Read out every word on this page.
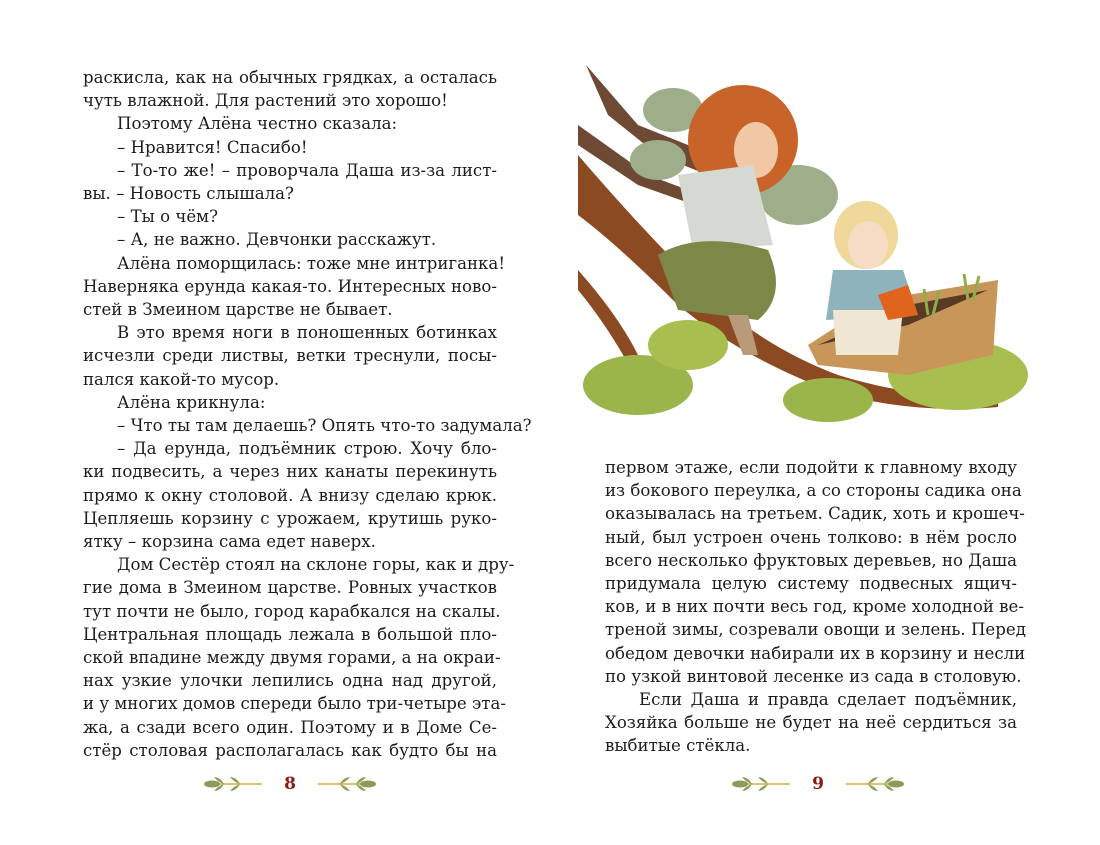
раскисла, как на обычных грядках, а осталась
чуть влажной. Для растений это хорошо!
Поэтому Алёна честно сказала:
– Нравится! Спасибо!
– То-то же! – проворчала Даша из-за лист-
вы. – Новость слышала?
– Ты о чём?
– А, не важно. Девчонки расскажут.
Алёна поморщилась: тоже мне интриганка!
Наверняка ерунда какая-то. Интересных ново-
стей в Змеином царстве не бывает.
В это время ноги в поношенных ботинках
исчезли среди листвы, ветки треснули, посы-
пался какой-то мусор.
Алёна крикнула:
– Что ты там делаешь? Опять что-то задумала?
– Да ерунда, подъёмник строю. Хочу бло-
ки подвесить, а через них канаты перекинуть
прямо к окну столовой. А внизу сделаю крюк.
Цепляешь корзину с урожаем, крутишь руко-
ятку – корзина сама едет наверх.
Дом Сестёр стоял на склоне горы, как и дру-
гие дома в Змеином царстве. Ровных участков
тут почти не было, город карабкался на скалы.
Центральная площадь лежала в большой пло-
ской впадине между двумя горами, а на окраи-
нах узкие улочки лепились одна над другой,
и у многих домов спереди было три-четыре эта-
жа, а сзади всего один. Поэтому и в Доме Се-
стёр столовая располагалась как будто бы на
8
первом этаже, если подойти к главному входу
из бокового переулка, а со стороны садика она
оказывалась на третьем. Садик, хоть и крошеч-
ный, был устроен очень толково: в нём росло
всего несколько фруктовых деревьев, но Даша
придумала целую систему подвесных ящич-
ков, и в них почти весь год, кроме холодной ве-
треной зимы, созревали овощи и зелень. Перед
обедом девочки набирали их в корзину и несли
по узкой винтовой лесенке из сада в столовую.
Если Даша и правда сделает подъёмник,
Хозяйка больше не будет на неё сердиться за
выбитые стёкла.
9
